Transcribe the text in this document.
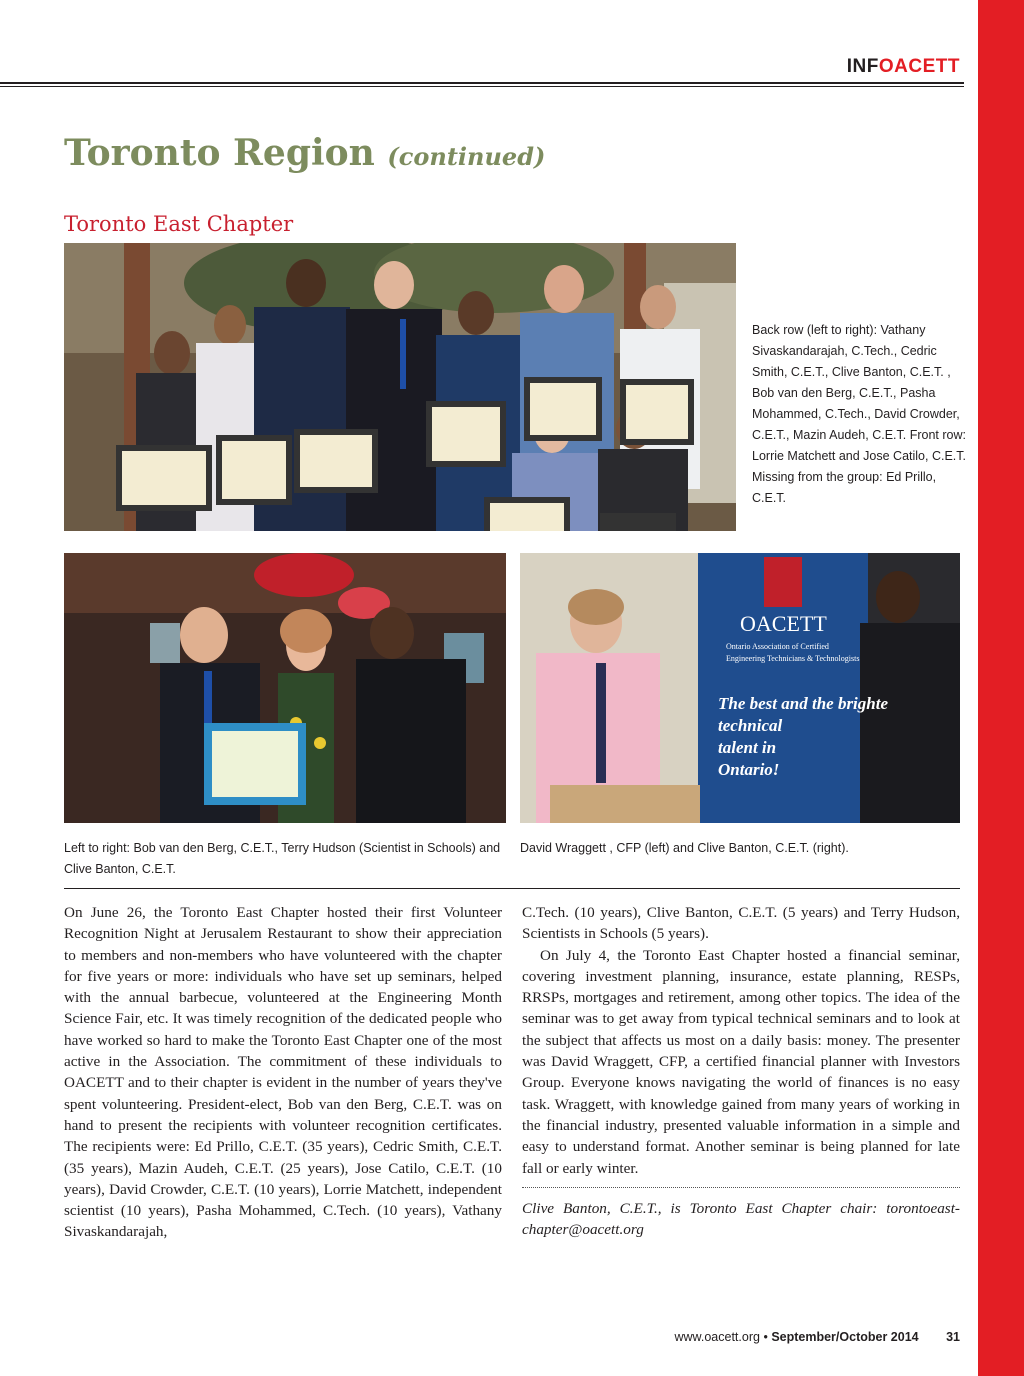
INFOACETT
Toronto Region (continued)
Toronto East Chapter
Back row (left to right): Vathany Sivaskandarajah, C.Tech., Cedric Smith, C.E.T., Clive Banton, C.E.T. , Bob van den Berg, C.E.T., Pasha Mohammed, C.Tech., David Crowder, C.E.T., Mazin Audeh, C.E.T. Front row: Lorrie Matchett and Jose Catilo, C.E.T. Missing from the group: Ed Prillo, C.E.T.
OACETT
Ontario Association of Certified
Engineering Technicians & Technologists
The best and the brighte
technical
talent in
Ontario!
Left to right: Bob van den Berg, C.E.T., Terry Hudson (Scientist in Schools) and Clive Banton, C.E.T.
David Wraggett , CFP (left) and Clive Banton, C.E.T. (right).

On June 26, the Toronto East Chapter hosted their first Volunteer Recognition Night at Jerusalem Restaurant to show their appreciation to members and non-members who have volunteered with the chapter for five years or more: individuals who have set up seminars, helped with the annual barbecue, volunteered at the Engineering Month Science Fair, etc. It was timely recognition of the dedicated people who have worked so hard to make the Toronto East Chapter one of the most active in the Association. The commitment of these individuals to OACETT and to their chapter is evident in the number of years they've spent volunteering. President-elect, Bob van den Berg, C.E.T. was on hand to present the recipients with volunteer recognition certificates. The recipients were: Ed Prillo, C.E.T. (35 years), Cedric Smith, C.E.T. (35 years), Mazin Audeh, C.E.T. (25 years), Jose Catilo, C.E.T. (10 years), David Crowder, C.E.T. (10 years), Lorrie Matchett, independent scientist (10 years), Pasha Mohammed, C.Tech. (10 years), Vathany Sivaskandarajah,

C.Tech. (10 years), Clive Banton, C.E.T. (5 years) and Terry Hudson, Scientists in Schools (5 years).

On July 4, the Toronto East Chapter hosted a financial seminar, covering investment planning, insurance, estate planning, RESPs, RRSPs, mortgages and retirement, among other topics. The idea of the seminar was to get away from typical technical seminars and to look at the subject that affects us most on a daily basis: money. The presenter was David Wraggett, CFP, a certified financial planner with Investors Group. Everyone knows navigating the world of finances is no easy task. Wraggett, with knowledge gained from many years of working in the financial industry, presented valuable information in a simple and easy to understand format. Another seminar is being planned for late fall or early winter.

Clive Banton, C.E.T., is Toronto East Chapter chair: torontoeast-chapter@oacett.org

www.oacett.org • September/October 2014 31
